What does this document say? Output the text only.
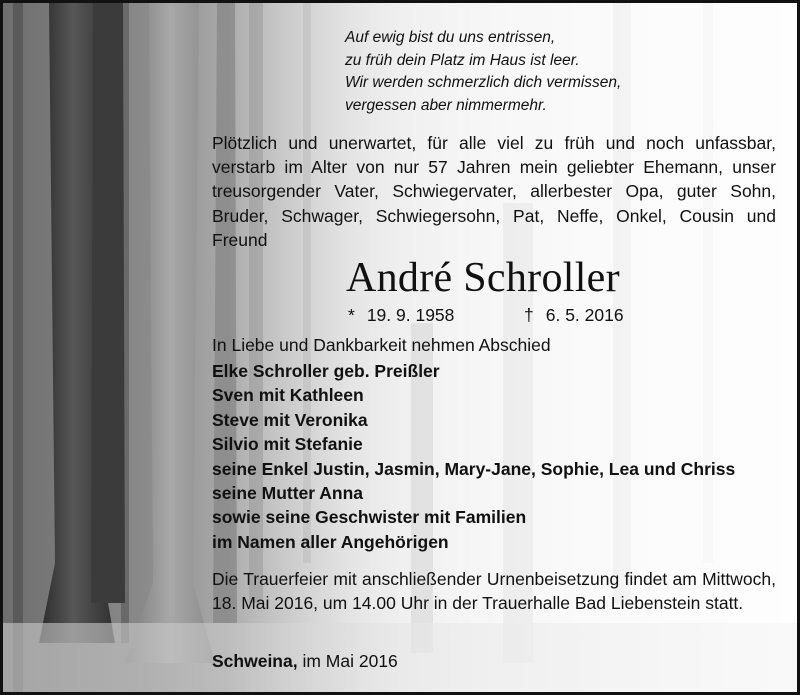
Auf ewig bist du uns entrissen,
zu früh dein Platz im Haus ist leer.
Wir werden schmerzlich dich vermissen,
vergessen aber nimmermehr.

Plötzlich und unerwartet, für alle viel zu früh und noch unfassbar, verstarb im Alter von nur 57 Jahren mein geliebter Ehemann, unser treusorgender Vater, Schwiegervater, allerbester Opa, guter Sohn, Bruder, Schwager, Schwiegersohn, Pat, Neffe, Onkel, Cousin und Freund

André Schroller
* 19. 9. 1958	† 6. 5. 2016

In Liebe und Dankbarkeit nehmen Abschied

Elke Schroller geb. Preißler
Sven mit Kathleen
Steve mit Veronika
Silvio mit Stefanie
seine Enkel Justin, Jasmin, Mary-Jane, Sophie, Lea und Chriss
seine Mutter Anna
sowie seine Geschwister mit Familien
im Namen aller Angehörigen

Die Trauerfeier mit anschließender Urnenbeisetzung findet am Mittwoch, 18. Mai 2016, um 14.00 Uhr in der Trauerhalle Bad Liebenstein statt.

Schweina, im Mai 2016
